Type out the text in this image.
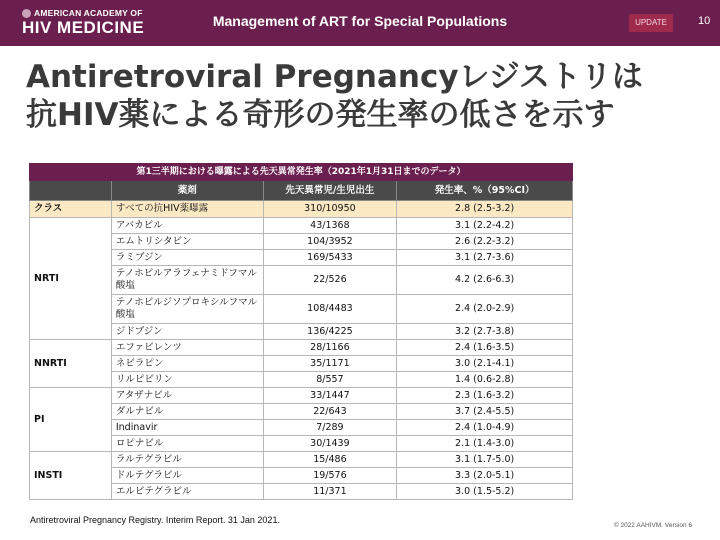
AMERICAN ACADEMY OF
HIV MEDICINE	Management of ART for Special Populations	UPDATE	10
Antiretroviral Pregnancyレジストリは
抗HIV薬による奇形の発生率の低さを示す
第1三半期における曝露による先天異常発生率（2021年1月31日までのデータ）			
	薬剤	先天異常児/生児出生	発生率、%（95%CI）
クラス	すべての抗HIV薬曝露	310/10950	2.8 (2.5-3.2)
NRTI	アバカビル	43/1368	3.1 (2.2-4.2)
	エムトリシタビン	104/3952	2.6 (2.2-3.2)
	ラミブジン	169/5433	3.1 (2.7-3.6)
	テノホビルアラフェナミドフマル酸塩	22/526	4.2 (2.6-6.3)
	テノホビルジソプロキシルフマル酸塩	108/4483	2.4 (2.0-2.9)
	ジドブジン	136/4225	3.2 (2.7-3.8)
NNRTI	エファビレンツ	28/1166	2.4 (1.6-3.5)
	ネビラピン	35/1171	3.0 (2.1-4.1)
	リルピビリン	8/557	1.4 (0.6-2.8)
PI	アタザナビル	33/1447	2.3 (1.6-3.2)
	ダルナビル	22/643	3.7 (2.4-5.5)
	Indinavir	7/289	2.4 (1.0-4.9)
	ロピナビル	30/1439	2.1 (1.4-3.0)
INSTI	ラルテグラビル	15/486	3.1 (1.7-5.0)
	ドルテグラビル	19/576	3.3 (2.0-5.1)
	エルビテグラビル	11/371	3.0 (1.5-5.2)
Antiretroviral Pregnancy Registry. Interim Report. 31 Jan 2021.
© 2022 AAHIVM. Version 6
